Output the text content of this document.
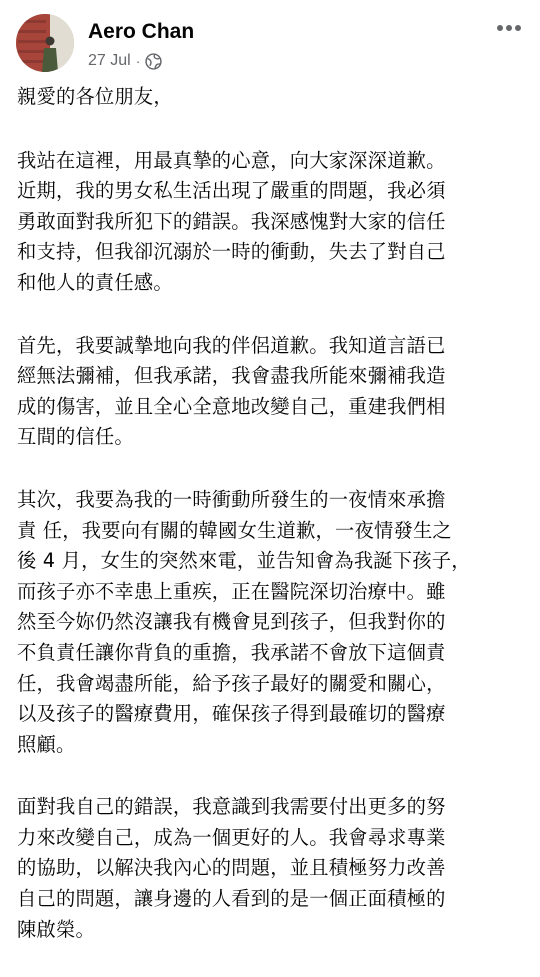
Aero Chan
27 Jul ·

親愛的各位朋友，

我站在這裡，用最真摯的心意，向大家深深道歉。
近期，我的男女私生活出現了嚴重的問題，我必須
勇敢面對我所犯下的錯誤。我深感愧對大家的信任
和支持，但我卻沉溺於一時的衝動，失去了對自己
和他人的責任感。

首先，我要誠摯地向我的伴侶道歉。我知道言語已
經無法彌補，但我承諾，我會盡我所能來彌補我造
成的傷害，並且全心全意地改變自己，重建我們相
互間的信任。

其次，我要為我的一時衝動所發生的一夜情來承擔
責 任，我要向有關的韓國女生道歉，一夜情發生之
後 4 月，女生的突然來電，並告知會為我誕下孩子，
而孩子亦不幸患上重疾，正在醫院深切治療中。雖
然至今妳仍然沒讓我有機會見到孩子，但我對你的
不負責任讓你背負的重擔，我承諾不會放下這個責
任，我會竭盡所能，給予孩子最好的關愛和關心，
以及孩子的醫療費用，確保孩子得到最確切的醫療
照顧。

面對我自己的錯誤，我意識到我需要付出更多的努
力來改變自己，成為一個更好的人。我會尋求專業
的協助，以解決我內心的問題，並且積極努力改善
自己的問題，讓身邊的人看到的是一個正面積極的
陳啟榮。
